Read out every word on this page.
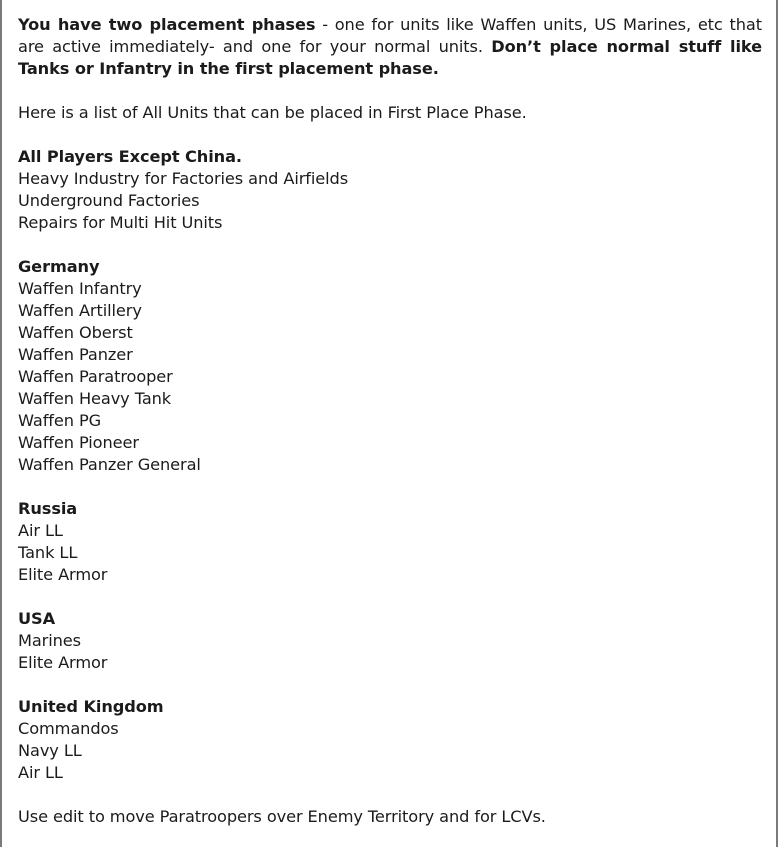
You have two placement phases - one for units like Waffen units, US Marines, etc that are active immediately- and one for your normal units. Don’t place normal stuff like Tanks or Infantry in the first placement phase.

Here is a list of All Units that can be placed in First Place Phase.

All Players Except China.

Heavy Industry for Factories and Airfields
Underground Factories
Repairs for Multi Hit Units

Germany

Waffen Infantry
Waffen Artillery
Waffen Oberst
Waffen Panzer
Waffen Paratrooper
Waffen Heavy Tank
Waffen PG
Waffen Pioneer
Waffen Panzer General

Russia

Air LL
Tank LL
Elite Armor

USA

Marines
Elite Armor

United Kingdom

Commandos
Navy LL
Air LL

Use edit to move Paratroopers over Enemy Territory and for LCVs.
